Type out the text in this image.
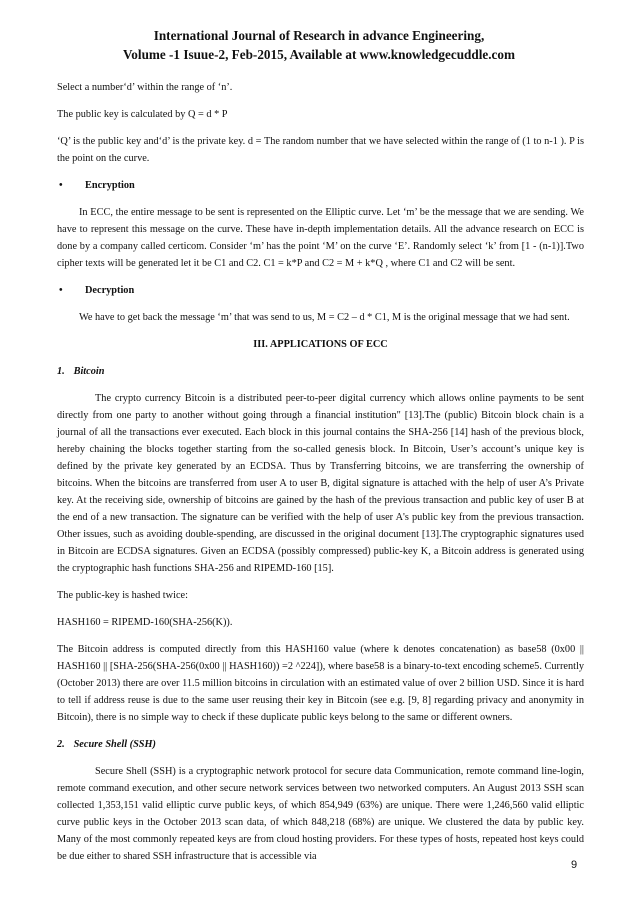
International Journal of Research in advance Engineering,
Volume -1 Isuue-2, Feb-2015, Available at www.knowledgecuddle.com

Select a number‘d’ within the range of ‘n’.

The public key is calculated by Q = d * P

‘Q’ is the public key and‘d’ is the private key. d = The random number that we have selected within the range of (1 to n-1 ). P is the point on the curve.

•	Encryption

In ECC, the entire message to be sent is represented on the Elliptic curve. Let ‘m’ be the message that we are sending. We have to represent this message on the curve. These have in-depth implementation details. All the advance research on ECC is done by a company called certicom. Consider ‘m’ has the point ‘M’ on the curve ‘E’. Randomly select ‘k’ from [1 - (n-1)].Two cipher texts will be generated let it be C1 and C2. C1 = k*P and C2 = M + k*Q , where C1 and C2 will be sent.

•	Decryption

We have to get back the message ‘m’ that was send to us, M = C2 – d * C1, M is the original message that we had sent.

III. APPLICATIONS OF ECC
1. Bitcoin

The crypto currency Bitcoin is a distributed peer-to-peer digital currency which allows online payments to be sent directly from one party to another without going through a financial institution" [13].The (public) Bitcoin block chain is a journal of all the transactions ever executed. Each block in this journal contains the SHA-256 [14] hash of the previous block, hereby chaining the blocks together starting from the so-called genesis block. In Bitcoin, User’s account’s unique key is defined by the private key generated by an ECDSA. Thus by Transferring bitcoins, we are transferring the ownership of bitcoins. When the bitcoins are transferred from user A to user B, digital signature is attached with the help of user A’s Private key. At the receiving side, ownership of bitcoins are gained by the hash of the previous transaction and public key of user B at the end of a new transaction. The signature can be verified with the help of user A's public key from the previous transaction. Other issues, such as avoiding double-spending, are discussed in the original document [13].The cryptographic signatures used in Bitcoin are ECDSA signatures. Given an ECDSA (possibly compressed) public-key K, a Bitcoin address is generated using the cryptographic hash functions SHA-256 and RIPEMD-160 [15].

The public-key is hashed twice:

HASH160 = RIPEMD-160(SHA-256(K)).

The Bitcoin address is computed directly from this HASH160 value (where k denotes concatenation) as base58 (0x00 || HASH160 || [SHA-256(SHA-256(0x00 || HASH160)) =2 ^224]), where base58 is a binary-to-text encoding scheme5. Currently (October 2013) there are over 11.5 million bitcoins in circulation with an estimated value of over 2 billion USD. Since it is hard to tell if address reuse is due to the same user reusing their key in Bitcoin (see e.g. [9, 8] regarding privacy and anonymity in Bitcoin), there is no simple way to check if these duplicate public keys belong to the same or different owners.

2. Secure Shell (SSH)

Secure Shell (SSH) is a cryptographic network protocol for secure data Communication, remote command line-login, remote command execution, and other secure network services between two networked computers. An August 2013 SSH scan collected 1,353,151 valid elliptic curve public keys, of which 854,949 (63%) are unique. There were 1,246,560 valid elliptic curve public keys in the October 2013 scan data, of which 848,218 (68%) are unique. We clustered the data by public key. Many of the most commonly repeated keys are from cloud hosting providers. For these types of hosts, repeated host keys could be due either to shared SSH infrastructure that is accessible via

9
